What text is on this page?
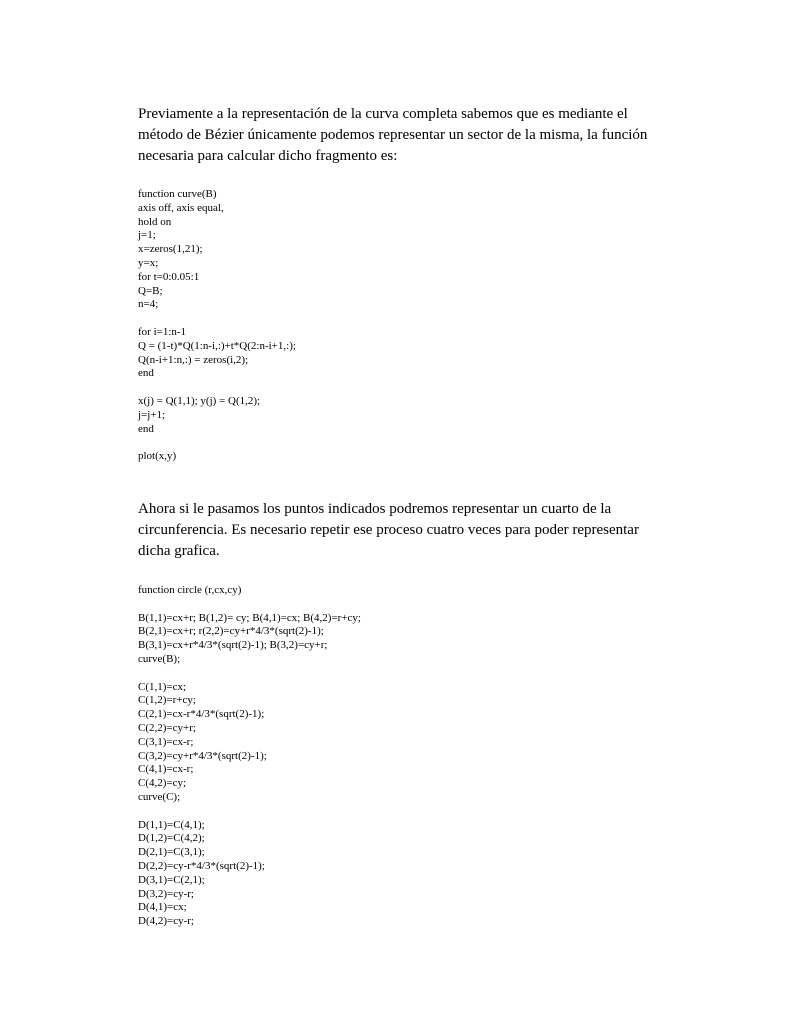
Previamente a la representación de la curva completa sabemos que es mediante el método de Bézier únicamente podemos representar un sector de la misma, la función necesaria para calcular dicho fragmento es:

function curve(B)
axis off, axis equal,
hold on
j=1;
x=zeros(1,21);
y=x;
for t=0:0.05:1
Q=B;
n=4;
for i=1:n-1
Q = (1-t)*Q(1:n-i,:)+t*Q(2:n-i+1,:);
Q(n-i+1:n,:) = zeros(i,2);
end
x(j) = Q(1,1); y(j) = Q(1,2);
j=j+1;
end
plot(x,y)

Ahora si le pasamos los puntos indicados podremos representar un cuarto de la circunferencia. Es necesario repetir ese proceso cuatro veces para poder representar dicha grafica.

function circle (r,cx,cy)
B(1,1)=cx+r; B(1,2)= cy; B(4,1)=cx; B(4,2)=r+cy;
B(2,1)=cx+r; r(2,2)=cy+r*4/3*(sqrt(2)-1);
B(3,1)=cx+r*4/3*(sqrt(2)-1); B(3,2)=cy+r;
curve(B);
C(1,1)=cx;
C(1,2)=r+cy;
C(2,1)=cx-r*4/3*(sqrt(2)-1);
C(2,2)=cy+r;
C(3,1)=cx-r;
C(3,2)=cy+r*4/3*(sqrt(2)-1);
C(4,1)=cx-r;
C(4,2)=cy;
curve(C);
D(1,1)=C(4,1);
D(1,2)=C(4,2);
D(2,1)=C(3,1);
D(2,2)=cy-r*4/3*(sqrt(2)-1);
D(3,1)=C(2,1);
D(3,2)=cy-r;
D(4,1)=cx;
D(4,2)=cy-r;
